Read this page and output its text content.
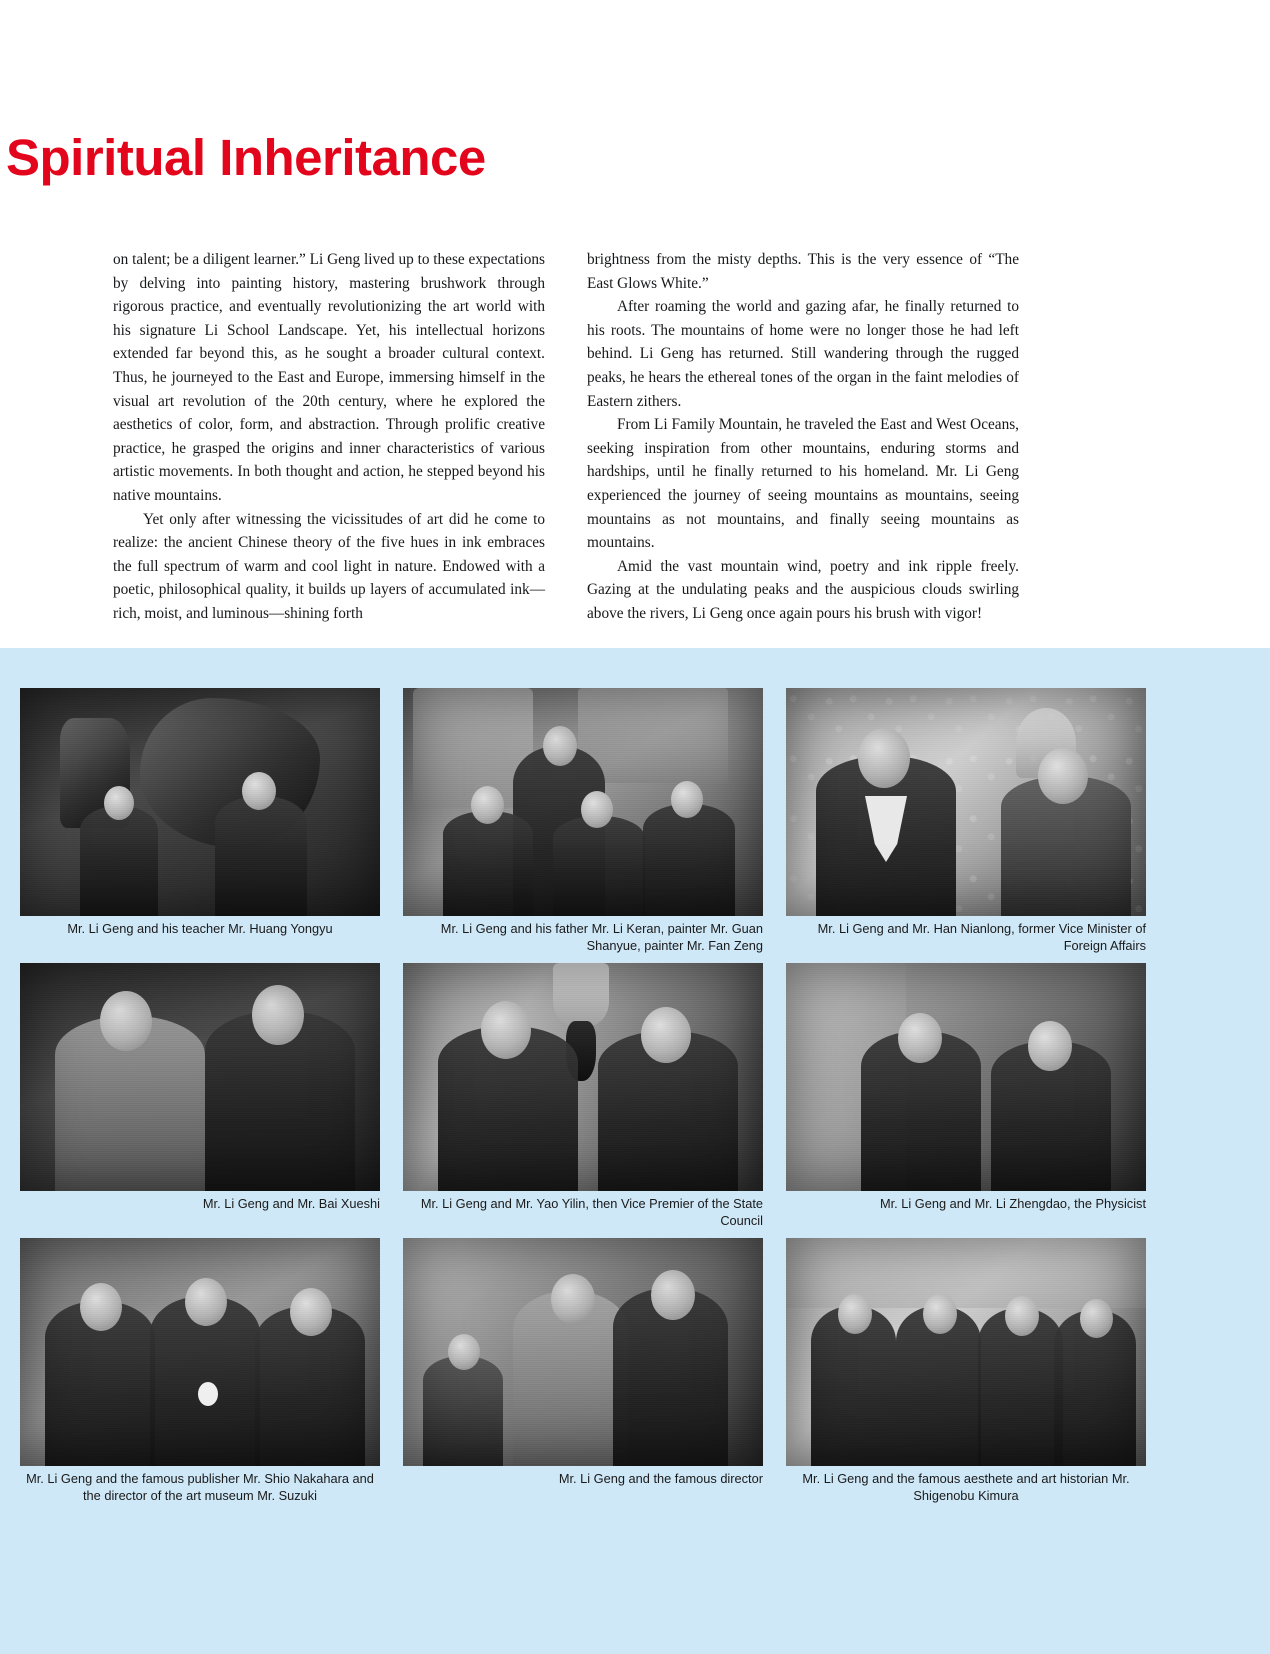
Spiritual Inheritance

on talent; be a diligent learner.” Li Geng lived up to these expectations by delving into painting history, mastering brushwork through rigorous practice, and eventually revolutionizing the art world with his signature Li School Landscape. Yet, his intellectual horizons extended far beyond this, as he sought a broader cultural context. Thus, he journeyed to the East and Europe, immersing himself in the visual art revolution of the 20th century, where he explored the aesthetics of color, form, and abstraction. Through prolific creative practice, he grasped the origins and inner characteristics of various artistic movements. In both thought and action, he stepped beyond his native mountains.

Yet only after witnessing the vicissitudes of art did he come to realize: the ancient Chinese theory of the five hues in ink embraces the full spectrum of warm and cool light in nature. Endowed with a poetic, philosophical quality, it builds up layers of accumulated ink—rich, moist, and luminous—shining forth

brightness from the misty depths. This is the very essence of “The East Glows White.”

After roaming the world and gazing afar, he finally returned to his roots. The mountains of home were no longer those he had left behind. Li Geng has returned. Still wandering through the rugged peaks, he hears the ethereal tones of the organ in the faint melodies of Eastern zithers.

From Li Family Mountain, he traveled the East and West Oceans, seeking inspiration from other mountains, enduring storms and hardships, until he finally returned to his homeland. Mr. Li Geng experienced the journey of seeing mountains as mountains, seeing mountains as not mountains, and finally seeing mountains as mountains.

Amid the vast mountain wind, poetry and ink ripple freely. Gazing at the undulating peaks and the auspicious clouds swirling above the rivers, Li Geng once again pours his brush with vigor!

Mr. Li Geng and his teacher Mr. Huang Yongyu	Mr. Li Geng and his father Mr. Li Keran, painter Mr. Guan Shanyue, painter Mr. Fan Zeng
Mr. Li Geng and Mr. Han Nianlong, former Vice Minister of Foreign Affairs
Mr. Li Geng and Mr. Bai Xueshi	Mr. Li Geng and Mr. Yao Yilin, then Vice Premier of the State Council
Mr. Li Geng and Mr. Li Zhengdao, the Physicist
Mr. Li Geng and the famous publisher Mr. Shio Nakahara and the director of the art museum Mr. Suzuki
Mr. Li Geng and the famous director	Mr. Li Geng and the famous aesthete and art historian Mr. Shigenobu Kimura
